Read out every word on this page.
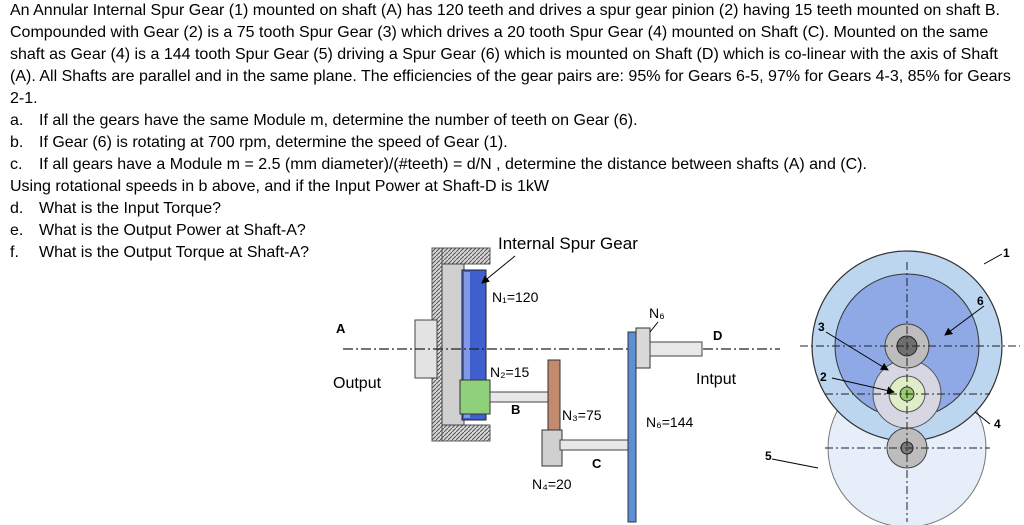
An Annular Internal Spur Gear (1) mounted on shaft (A) has 120 teeth and drives a spur gear pinion (2) having 15 teeth mounted on shaft B. Compounded with Gear (2) is a 75 tooth Spur Gear (3) which drives a 20 tooth Spur Gear (4) mounted on Shaft (C). Mounted on the same shaft as Gear (4) is a 144 tooth Spur Gear (5) driving a Spur Gear (6) which is mounted on Shaft (D) which is co-linear with the axis of Shaft (A). All Shafts are parallel and in the same plane. The efficiencies of the gear pairs are: 95% for Gears 6-5, 97% for Gears 4-3, 85% for Gears 2-1.

a. If all the gears have the same Module m, determine the number of teeth on Gear (6).
b. If Gear (6) is rotating at 700 rpm, determine the speed of Gear (1).
c.	If all gears have a Module m = 2.5 (mm diameter)/(#teeth) = d/N , determine the distance between shafts (A) and (C).

Using rotational speeds in b above, and if the Input Power at Shaft-D is 1kW

d. What is the Input Torque?
e. What is the Output Power at Shaft-A?
f.	What is the Output Torque at Shaft-A?	Internal Spur Gear
A
Output
N₁=120
N₂=15
B	N₃=75
N₄=20
C
N₆
D
Intput
N₆=144
1
6
3
2
4
5
